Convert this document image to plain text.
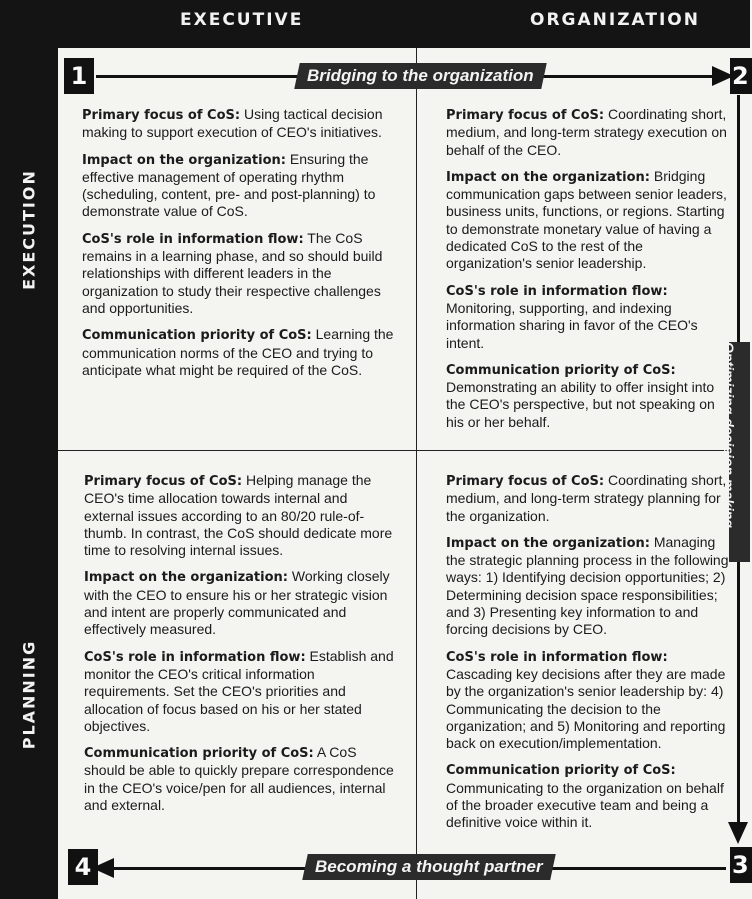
EXECUTIVE	ORGANIZATION
EXECUTION
PLANNING
1	2
3
4
Bridging to the organization
Becoming a thought partner
Optimizing decision making

Primary focus of CoS: Using tactical decision making to support execution of CEO's initiatives.

Impact on the organization: Ensuring the effective management of operating rhythm (scheduling, content, pre- and post-planning) to demonstrate value of CoS.

CoS's role in information flow: The CoS remains in a learning phase, and so should build relationships with different leaders in the organization to study their respective challenges and opportunities.

Communication priority of CoS: Learning the communication norms of the CEO and trying to anticipate what might be required of the CoS.

Primary focus of CoS: Coordinating short, medium, and long-term strategy execution on behalf of the CEO.

Impact on the organization: Bridging communication gaps between senior leaders, business units, functions, or regions. Starting to demonstrate monetary value of having a dedicated CoS to the rest of the organization's senior leadership.

CoS's role in information flow: Monitoring, supporting, and indexing information sharing in favor of the CEO's intent.

Communication priority of CoS: Demonstrating an ability to offer insight into the CEO's perspective, but not speaking on his or her behalf.

Primary focus of CoS: Helping manage the CEO's time allocation towards internal and external issues according to an 80/20 rule-of-thumb. In contrast, the CoS should dedicate more time to resolving internal issues.

Impact on the organization: Working closely with the CEO to ensure his or her strategic vision and intent are properly communicated and effectively measured.

CoS's role in information flow: Establish and monitor the CEO's critical information requirements. Set the CEO's priorities and allocation of focus based on his or her stated objectives.

Communication priority of CoS: A CoS should be able to quickly prepare correspondence in the CEO's voice/pen for all audiences, internal and external.

Primary focus of CoS: Coordinating short, medium, and long-term strategy planning for the organization.

Impact on the organization: Managing the strategic planning process in the following ways: 1) Identifying decision opportunities; 2) Determining decision space responsibilities; and 3) Presenting key information to and forcing decisions by CEO.

CoS's role in information flow: Cascading key decisions after they are made by the organization's senior leadership by: 4) Communicating the decision to the organization; and 5) Monitoring and reporting back on execution/implementation.

Communication priority of CoS: Communicating to the organization on behalf of the broader executive team and being a definitive voice within it.
